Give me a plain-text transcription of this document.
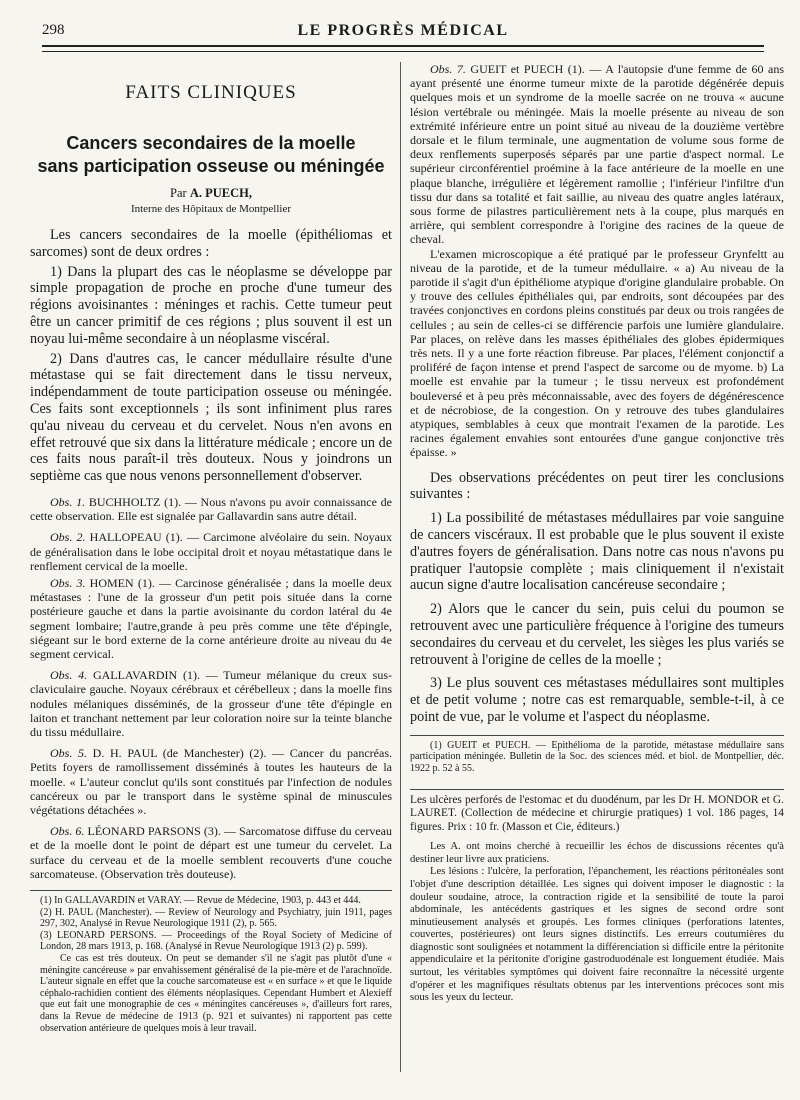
298	LE PROGRÈS MÉDICAL
FAITS CLINIQUES
Cancers secondaires de la moelle
sans participation osseuse ou méningée
Par A. PUECH,
Interne des Hôpitaux de Montpellier

Les cancers secondaires de la moelle (épithéliomas et sarcomes) sont de deux ordres :

1) Dans la plupart des cas le néoplasme se développe par simple propagation de proche en proche d'une tumeur des régions avoisinantes : méninges et rachis. Cette tumeur peut être un cancer primitif de ces régions ; plus souvent il est un noyau lui-même secondaire à un néoplasme viscéral.

2) Dans d'autres cas, le cancer médullaire résulte d'une métastase qui se fait directement dans le tissu nerveux, indépendamment de toute participation osseuse ou méningée. Ces faits sont exceptionnels ; ils sont infiniment plus rares qu'au niveau du cerveau et du cervelet. Nous n'en avons en effet retrouvé que six dans la littérature médicale ; encore un de ces faits nous paraît-il très douteux. Nous y joindrons un septième cas que nous venons personnellement d'observer.

Obs. 1. BUCHHOLTZ (1). — Nous n'avons pu avoir connaissance de cette observation. Elle est signalée par Gallavardin sans autre détail.

Obs. 2. HALLOPEAU (1). — Carcimone alvéolaire du sein. Noyaux de généralisation dans le lobe occipital droit et noyau métastatique dans le renflement cervical de la moelle.

Obs. 3. HOMEN (1). — Carcinose généralisée ; dans la moelle deux métastases : l'une de la grosseur d'un petit pois située dans la corne postérieure gauche et dans la partie avoisinante du cordon latéral du 4e segment lombaire; l'autre,grande à peu près comme une tête d'épingle, siégeant sur le bord externe de la corne antérieure droite au niveau du 4e segment cervical.

Obs. 4. GALLAVARDIN (1). — Tumeur mélanique du creux sus-claviculaire gauche. Noyaux cérébraux et cérébelleux ; dans la moelle fins nodules mélaniques disséminés, de la grosseur d'une tête d'épingle en laiton et tranchant nettement par leur coloration noire sur la teinte blanche du tissu médullaire.

Obs. 5. D. H. PAUL (de Manchester) (2). — Cancer du pancréas. Petits foyers de ramollissement disséminés à toutes les hauteurs de la moelle. « L'auteur conclut qu'ils sont constitués par l'infection de nodules cancéreux ou par le transport dans le système spinal de minuscules végétations détachées ».

Obs. 6. LÉONARD PARSONS (3). — Sarcomatose diffuse du cerveau et de la moelle dont le point de départ est une tumeur du cervelet. La surface du cerveau et de la moelle semblent recouverts d'une couche sarcomateuse. (Observation très douteuse).

(1) In GALLAVARDIN et VARAY. — Revue de Médecine, 1903, p. 443 et 444.

(2) H. PAUL (Manchester). — Review of Neurology and Psychiatry, juin 1911, pages 297, 302, Analysé in Revue Neurologique 1911 (2), p. 565.

(3) LEONARD PERSONS. — Proceedings of the Royal Society of Medicine of London, 28 mars 1913, p. 168. (Analysé in Revue Neurologique 1913 (2) p. 599).

Ce cas est très douteux. On peut se demander s'il ne s'agit pas plutôt d'une « méningite cancéreuse » par envahissement généralisé de la pie-mère et de l'arachnoïde. L'auteur signale en effet que la couche sarcomateuse est « en surface » et que le liquide céphalo-rachidien contient des éléments néoplasiques. Cependant Humbert et Alexieff que eut fait une monographie de ces « méningites cancéreuses », d'ailleurs fort rares, dans la Revue de médecine de 1913 (p. 921 et suivantes) ni rapportent pas cette observation antérieure de quelques mois à leur travail.

Obs. 7. GUEIT et PUECH (1). — A l'autopsie d'une femme de 60 ans ayant présenté une énorme tumeur mixte de la parotide dégénérée depuis quelques mois et un syndrome de la moelle sacrée on ne trouva « aucune lésion vertébrale ou méningée. Mais la moelle présente au niveau de son extrémité inférieure entre un point situé au niveau de la douzième vertèbre dorsale et le filum terminale, une augmentation de volume sous forme de deux renflements superposés séparés par une partie d'aspect normal. Le supérieur circonférentiel proémine à la face antérieure de la moelle en une plaque blanche, irrégulière et légèrement ramollie ; l'inférieur l'infiltre d'un tissu dur dans sa totalité et fait saillie, au niveau des quatre angles latéraux, sous forme de pilastres particulièrement nets à la coupe, plus marqués en arrière, qui semblent correspondre à l'origine des racines de la queue de cheval.

L'examen microscopique a été pratiqué par le professeur Grynfeltt au niveau de la parotide, et de la tumeur médullaire. « a) Au niveau de la parotide il s'agit d'un épithéliome atypique d'origine glandulaire probable. On y trouve des cellules épithéliales qui, par endroits, sont découpées par des travées conjonctives en cordons pleins constitués par deux ou trois rangées de cellules ; au sein de celles-ci se différencie parfois une lumière glandulaire. Par places, on relève dans les masses épithéliales des globes épidermiques très nets. Il y a une forte réaction fibreuse. Par places, l'élément conjonctif a proliféré de façon intense et prend l'aspect de sarcome ou de myome. b) La moelle est envahie par la tumeur ; le tissu nerveux est profondément bouleversé et à peu près méconnaissable, avec des foyers de dégénérescence et de nécrobiose, de la congestion. On y retrouve des tubes glandulaires atypiques, semblables à ceux que montrait l'examen de la parotide. Les racines également envahies sont entourées d'une gangue conjonctive très épaisse. »

Des observations précédentes on peut tirer les conclusions suivantes :

1) La possibilité de métastases médullaires par voie sanguine de cancers viscéraux. Il est probable que le plus souvent il existe d'autres foyers de généralisation. Dans notre cas nous n'avons pu pratiquer l'autopsie complète ; mais cliniquement il n'existait aucun signe d'autre localisation cancéreuse secondaire ;

2) Alors que le cancer du sein, puis celui du poumon se retrouvent avec une particulière fréquence à l'origine des tumeurs secondaires du cerveau et du cervelet, les sièges les plus variés se retrouvent à l'origine de celles de la moelle ;

3) Le plus souvent ces métastases médullaires sont multiples et de petit volume ; notre cas est remarquable, semble-t-il, à ce point de vue, par le volume et l'aspect du néoplasme.

(1) GUEIT et PUECH. — Epithélioma de la parotide, métastase médullaire sans participation méningée. Bulletin de la Soc. des sciences méd. et biol. de Montpellier, déc. 1922 p. 52 à 55.

Les ulcères perforés de l'estomac et du duodénum, par les Dr H. MONDOR et G. LAURET. (Collection de médecine et chirurgie pratiques) 1 vol. 186 pages, 14 figures. Prix : 10 fr. (Masson et Cie, éditeurs.)

Les A. ont moins cherché à recueillir les échos de discussions récentes qu'à destiner leur livre aux praticiens.

Les lésions : l'ulcère, la perforation, l'épanchement, les réactions péritonéales sont l'objet d'une description détaillée. Les signes qui doivent imposer le diagnostic : la douleur soudaine, atroce, la contraction rigide et la sensibilité de toute la paroi abdominale, les antécédents gastriques et les signes de second ordre sont minutieusement analysés et groupés. Les formes cliniques (perforations latentes, couvertes, postérieures) ont leurs signes distinctifs. Les erreurs coutumières du diagnostic sont soulignées et notamment la différenciation si difficile entre la péritonite appendiculaire et la péritonite d'origine gastroduodénale est longuement étudiée. Mais surtout, les véritables symptômes qui doivent faire reconnaître la nécessité urgente d'opérer et les magnifiques résultats obtenus par les interventions précoces sont mis sous les yeux du lecteur.
